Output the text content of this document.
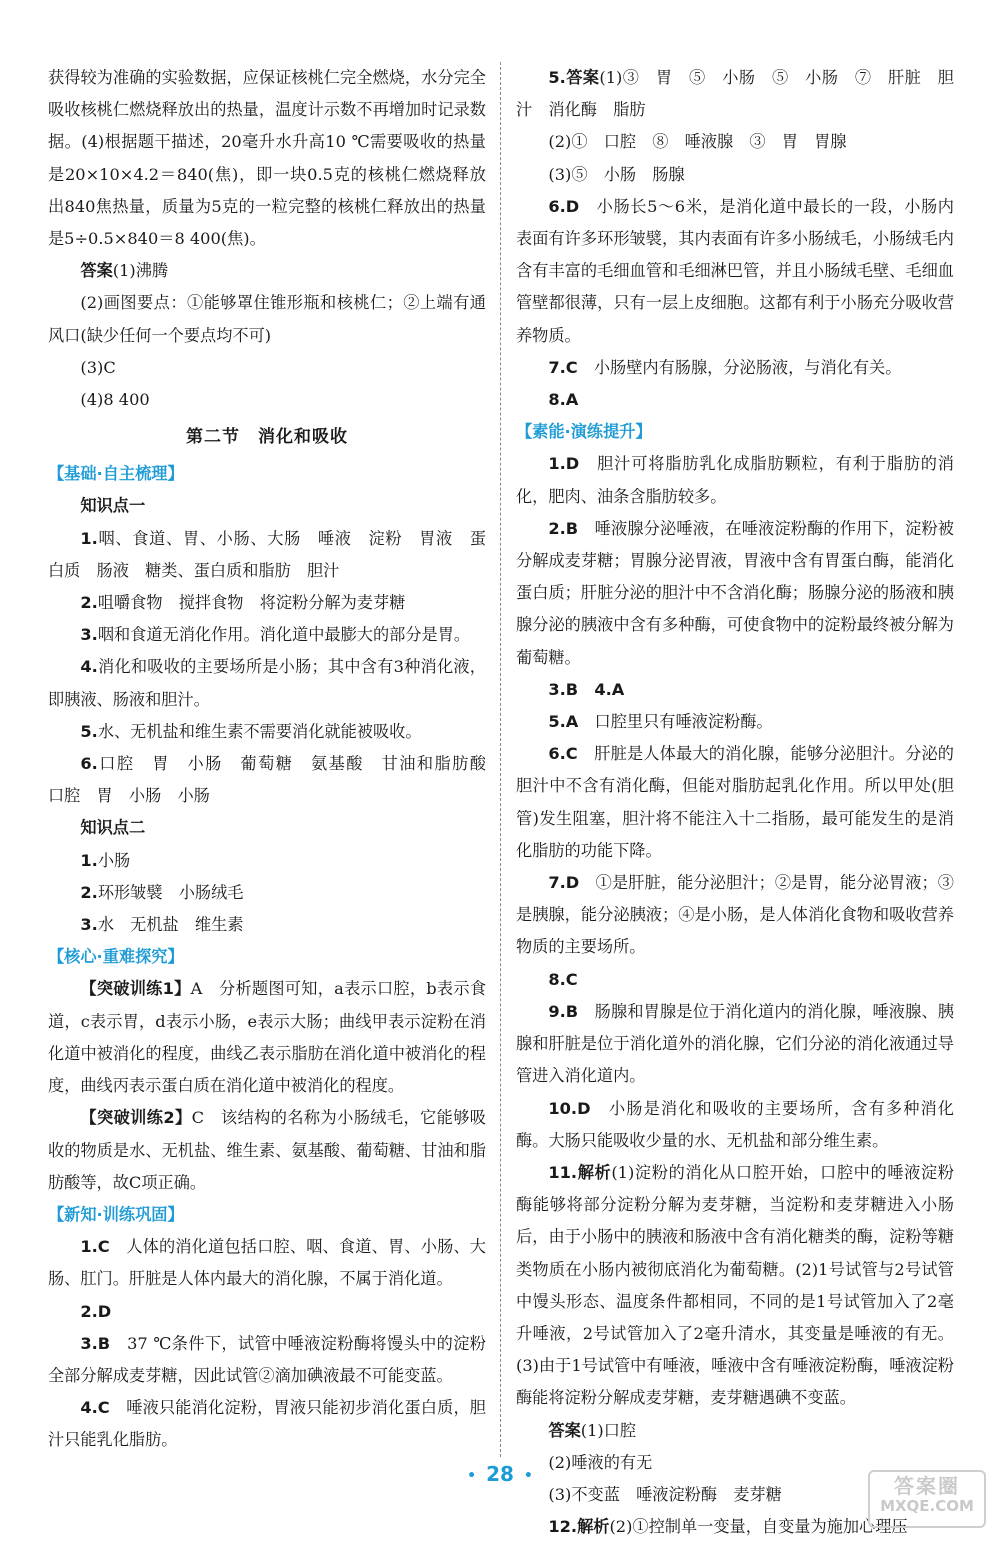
获得较为准确的实验数据，应保证核桃仁完全燃烧，水分完全吸收核桃仁燃烧释放出的热量，温度计示数不再增加时记录数据。(4)根据题干描述，20毫升水升高10 ℃需要吸收的热量是20×10×4.2＝840(焦)，即一块0.5克的核桃仁燃烧释放出840焦热量，质量为5克的一粒完整的核桃仁释放出的热量是5÷0.5×840＝8 400(焦)。

答案(1)沸腾

(2)画图要点：①能够罩住锥形瓶和核桃仁；②上端有通风口(缺少任何一个要点均不可)

(3)C

(4)8 400

第二节　消化和吸收

【基础·自主梳理】

知识点一

1.咽、食道、胃、小肠、大肠　唾液　淀粉　胃液　蛋白质　肠液　糖类、蛋白质和脂肪　胆汁

2.咀嚼食物　搅拌食物　将淀粉分解为麦芽糖

3.咽和食道无消化作用。消化道中最膨大的部分是胃。

4.消化和吸收的主要场所是小肠；其中含有3种消化液，即胰液、肠液和胆汁。

5.水、无机盐和维生素不需要消化就能被吸收。

6.口腔　胃　小肠　葡萄糖　氨基酸　甘油和脂肪酸　口腔　胃　小肠　小肠

知识点二

1.小肠

2.环形皱襞　小肠绒毛

3.水　无机盐　维生素

【核心·重难探究】

【突破训练1】A　分析题图可知，a表示口腔，b表示食道，c表示胃，d表示小肠，e表示大肠；曲线甲表示淀粉在消化道中被消化的程度，曲线乙表示脂肪在消化道中被消化的程度，曲线丙表示蛋白质在消化道中被消化的程度。

【突破训练2】C　该结构的名称为小肠绒毛，它能够吸收的物质是水、无机盐、维生素、氨基酸、葡萄糖、甘油和脂肪酸等，故C项正确。

【新知·训练巩固】

1.C　人体的消化道包括口腔、咽、食道、胃、小肠、大肠、肛门。肝脏是人体内最大的消化腺，不属于消化道。

2.D

3.B　37 ℃条件下，试管中唾液淀粉酶将馒头中的淀粉全部分解成麦芽糖，因此试管②滴加碘液最不可能变蓝。

4.C　唾液只能消化淀粉，胃液只能初步消化蛋白质，胆汁只能乳化脂肪。

5.答案(1)③　胃　⑤　小肠　⑤　小肠　⑦　肝脏　胆汁　消化酶　脂肪

(2)①　口腔　⑧　唾液腺　③　胃　胃腺

(3)⑤　小肠　肠腺

6.D　小肠长5～6米，是消化道中最长的一段，小肠内表面有许多环形皱襞，其内表面有许多小肠绒毛，小肠绒毛内含有丰富的毛细血管和毛细淋巴管，并且小肠绒毛壁、毛细血管壁都很薄，只有一层上皮细胞。这都有利于小肠充分吸收营养物质。

7.C　小肠壁内有肠腺，分泌肠液，与消化有关。

8.A

【素能·演练提升】

1.D　胆汁可将脂肪乳化成脂肪颗粒，有利于脂肪的消化，肥肉、油条含脂肪较多。

2.B　唾液腺分泌唾液，在唾液淀粉酶的作用下，淀粉被分解成麦芽糖；胃腺分泌胃液，胃液中含有胃蛋白酶，能消化蛋白质；肝脏分泌的胆汁中不含消化酶；肠腺分泌的肠液和胰腺分泌的胰液中含有多种酶，可使食物中的淀粉最终被分解为葡萄糖。

3.B　4.A

5.A　口腔里只有唾液淀粉酶。

6.C　肝脏是人体最大的消化腺，能够分泌胆汁。分泌的胆汁中不含有消化酶，但能对脂肪起乳化作用。所以甲处(胆管)发生阻塞，胆汁将不能注入十二指肠，最可能发生的是消化脂肪的功能下降。

7.D　①是肝脏，能分泌胆汁；②是胃，能分泌胃液；③是胰腺，能分泌胰液；④是小肠，是人体消化食物和吸收营养物质的主要场所。

8.C

9.B　肠腺和胃腺是位于消化道内的消化腺，唾液腺、胰腺和肝脏是位于消化道外的消化腺，它们分泌的消化液通过导管进入消化道内。

10.D　小肠是消化和吸收的主要场所，含有多种消化酶。大肠只能吸收少量的水、无机盐和部分维生素。

11.解析(1)淀粉的消化从口腔开始，口腔中的唾液淀粉酶能够将部分淀粉分解为麦芽糖，当淀粉和麦芽糖进入小肠后，由于小肠中的胰液和肠液中含有消化糖类的酶，淀粉等糖类物质在小肠内被彻底消化为葡萄糖。(2)1号试管与2号试管中馒头形态、温度条件都相同，不同的是1号试管加入了2毫升唾液，2号试管加入了2毫升清水，其变量是唾液的有无。(3)由于1号试管中有唾液，唾液中含有唾液淀粉酶，唾液淀粉酶能将淀粉分解成麦芽糖，麦芽糖遇碘不变蓝。

答案(1)口腔

(2)唾液的有无

(3)不变蓝　唾液淀粉酶　麦芽糖

12.解析(2)①控制单一变量，自变量为施加心理压

• 28 •	答案圈
MXQE.COM
